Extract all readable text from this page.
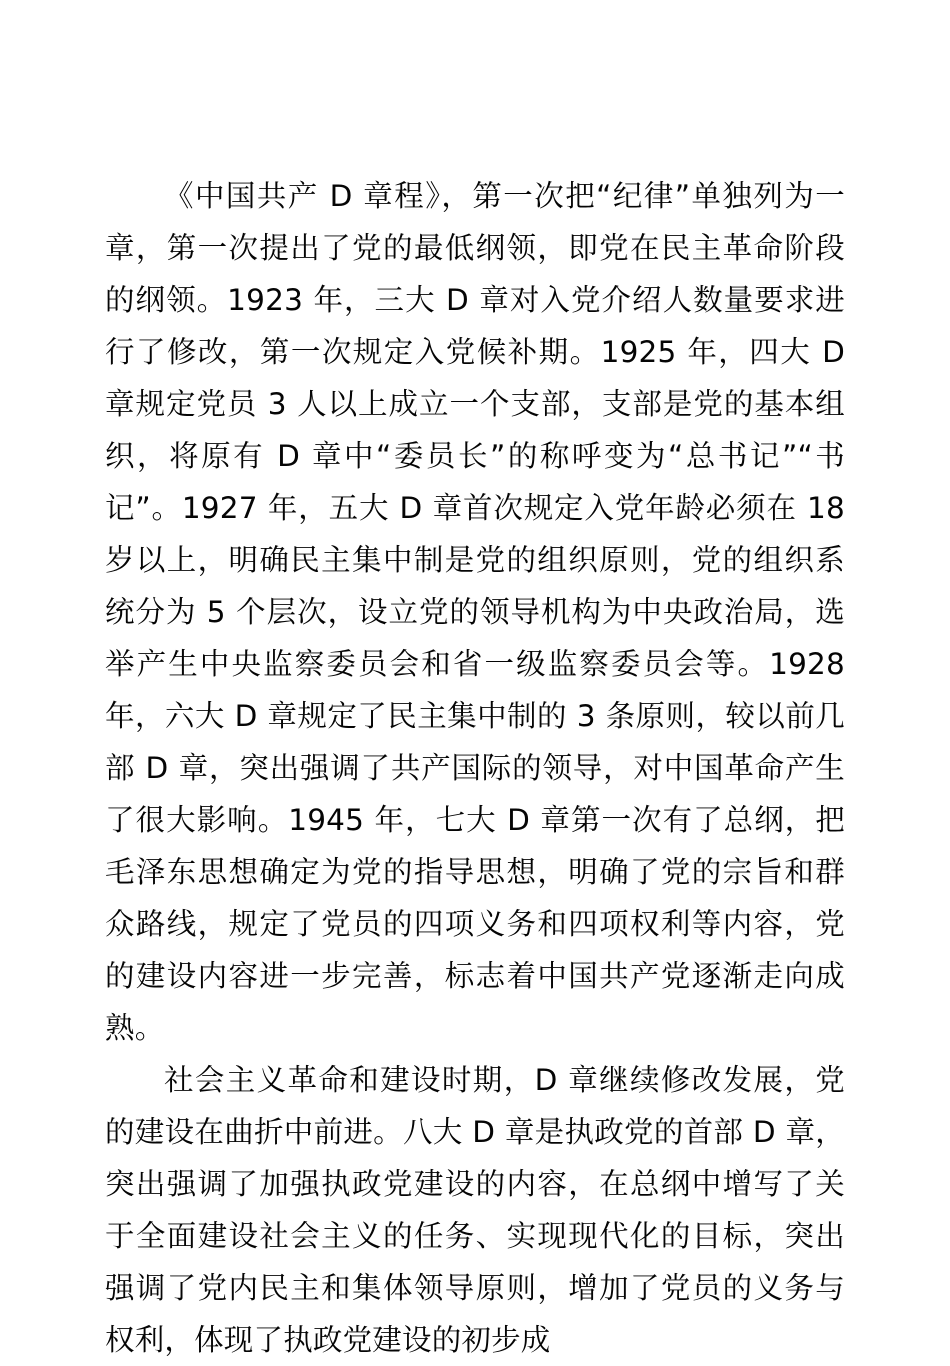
《中国共产 D 章程》，第一次把“纪律”单独列为一章，第一次提出了党的最低纲领，即党在民主革命阶段的纲领。1923 年，三大 D 章对入党介绍人数量要求进行了修改，第一次规定入党候补期。1925 年，四大 D 章规定党员 3 人以上成立一个支部，支部是党的基本组织，将原有 D 章中“委员长”的称呼变为“总书记”“书记”。1927 年，五大 D 章首次规定入党年龄必须在 18 岁以上，明确民主集中制是党的组织原则，党的组织系统分为 5 个层次，设立党的领导机构为中央政治局，选举产生中央监察委员会和省一级监察委员会等。1928 年，六大 D 章规定了民主集中制的 3 条原则，较以前几部 D 章，突出强调了共产国际的领导，对中国革命产生了很大影响。1945 年，七大 D 章第一次有了总纲，把毛泽东思想确定为党的指导思想，明确了党的宗旨和群众路线，规定了党员的四项义务和四项权利等内容，党的建设内容进一步完善，标志着中国共产党逐渐走向成熟。

社会主义革命和建设时期，D 章继续修改发展，党的建设在曲折中前进。八大 D 章是执政党的首部 D 章，突出强调了加强执政党建设的内容，在总纲中增写了关于全面建设社会主义的任务、实现现代化的目标，突出强调了党内民主和集体领导原则，增加了党员的义务与权利，体现了执政党建设的初步成
